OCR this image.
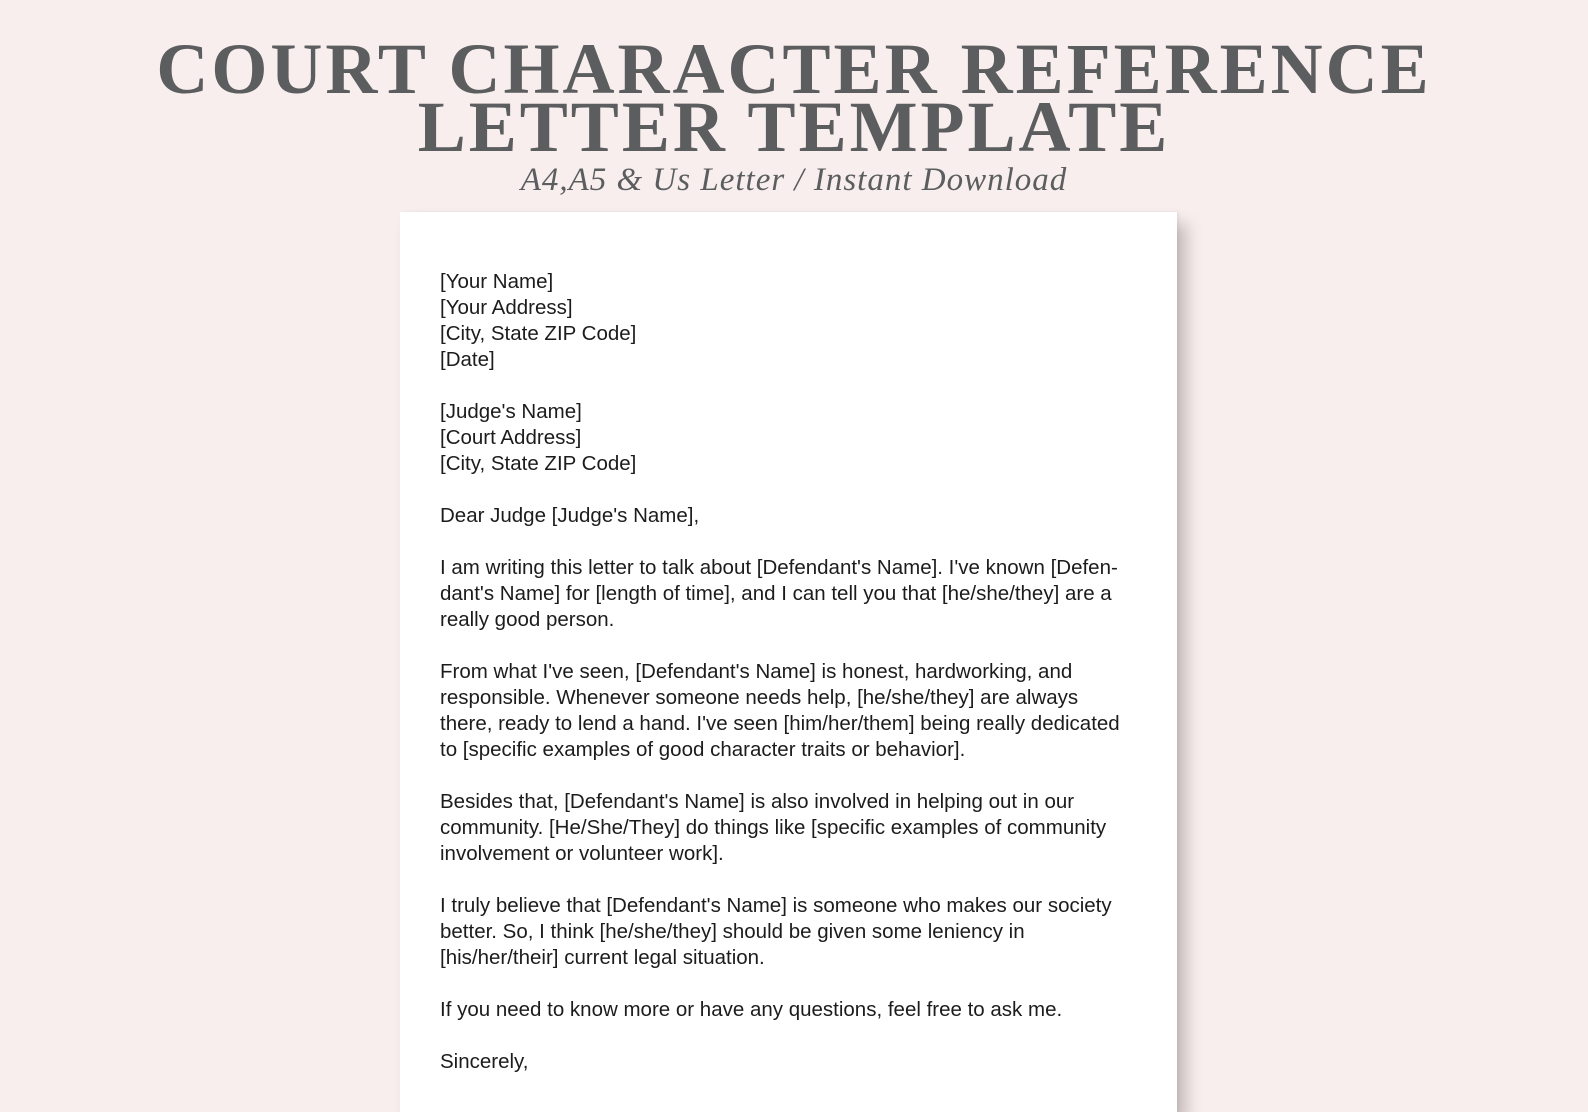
COURT CHARACTER REFERENCE
LETTER TEMPLATE
A4,A5 & Us Letter / Instant Download
[Your Name]
[Your Address]
[City, State ZIP Code]
[Date]
[Judge's Name]
[Court Address]
[City, State ZIP Code]
Dear Judge [Judge's Name],
I am writing this letter to talk about [Defendant's Name]. I've known [Defen-
dant's Name] for [length of time], and I can tell you that [he/she/they] are a
really good person.
From what I've seen, [Defendant's Name] is honest, hardworking, and
responsible. Whenever someone needs help, [he/she/they] are always
there, ready to lend a hand. I've seen [him/her/them] being really dedicated
to [specific examples of good character traits or behavior].
Besides that, [Defendant's Name] is also involved in helping out in our
community. [He/She/They] do things like [specific examples of community
involvement or volunteer work].
I truly believe that [Defendant's Name] is someone who makes our society
better. So, I think [he/she/they] should be given some leniency in
[his/her/their] current legal situation.
If you need to know more or have any questions, feel free to ask me.
Sincerely,
